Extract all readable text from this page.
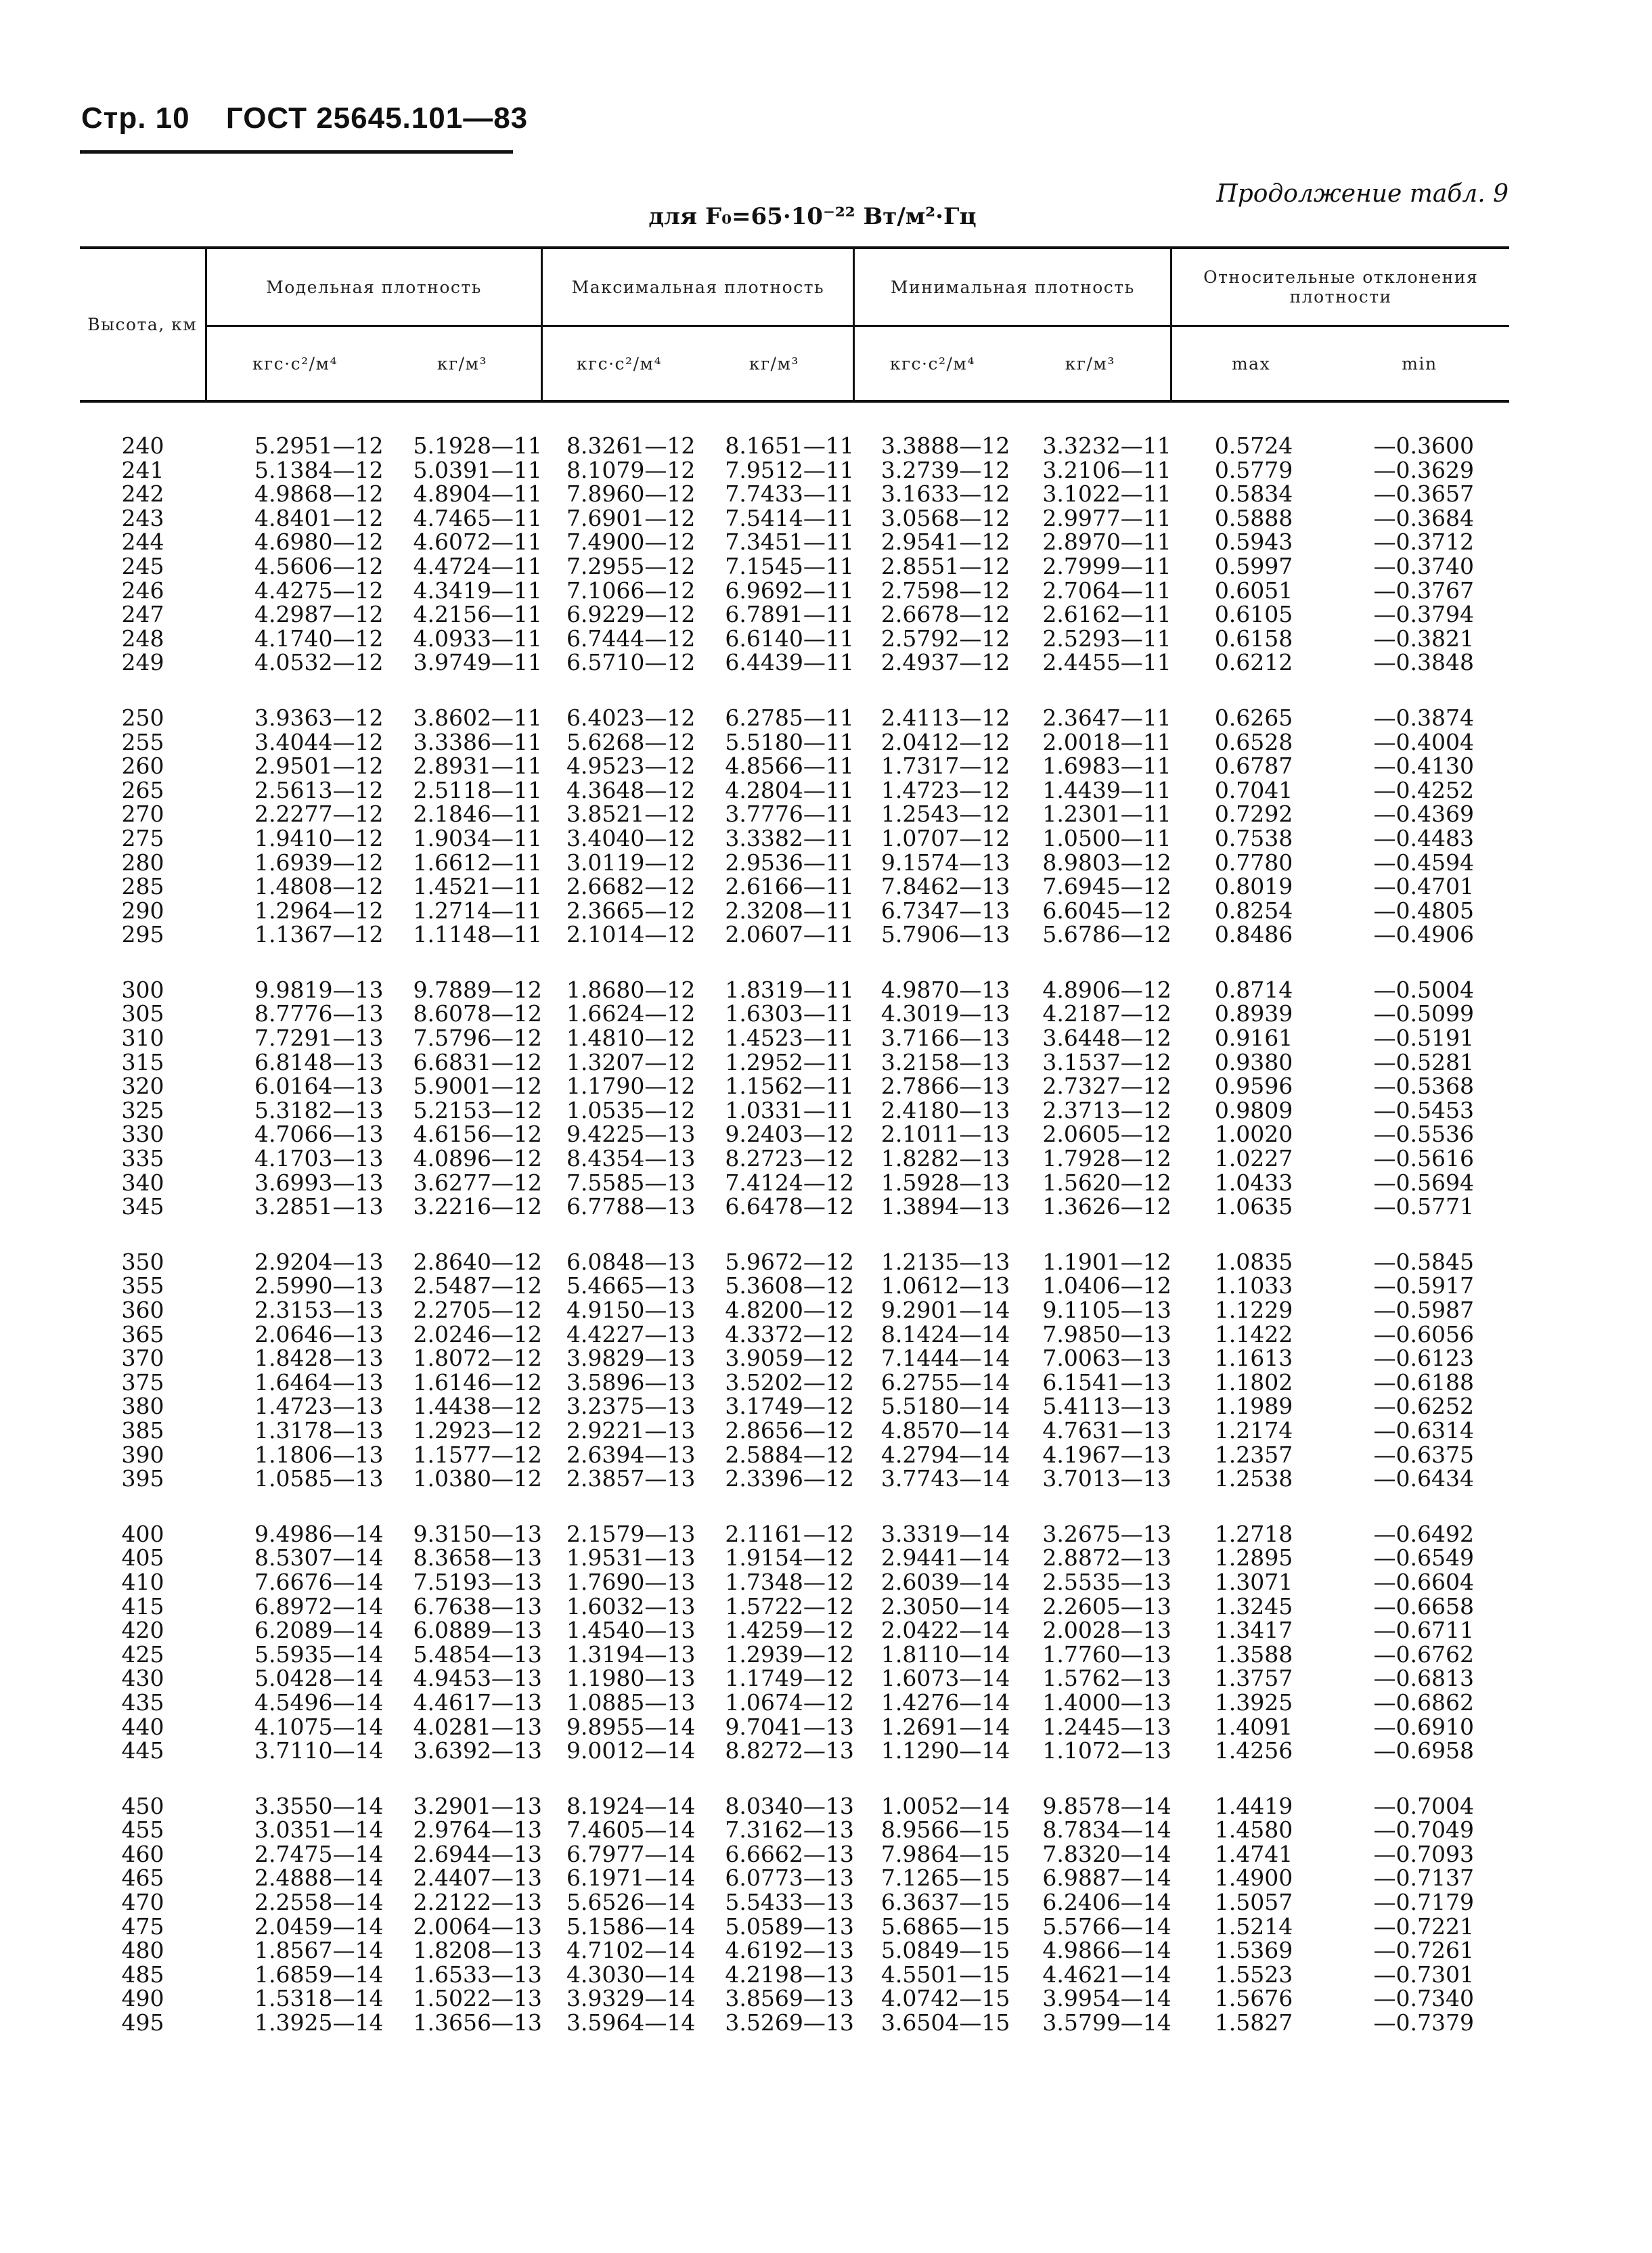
Стр. 10 ГОСТ 25645.101—83
Продолжение табл. 9
для F₀=65·10⁻²² Вт/м²·Гц
Высота, км	Модельная плотность		Максимальная плотность		Минимальная плотность		Относительные отклонения плотности	
	кгс·с²/м⁴	кг/м³	кгс·с²/м⁴	кг/м³	кгс·с²/м⁴	кг/м³	max	min

240	5.2951—12	5.1928—11	8.3261—12	8.1651—11	3.3888—12	3.3232—11	0.5724	—0.3600
241	5.1384—12	5.0391—11	8.1079—12	7.9512—11	3.2739—12	3.2106—11	0.5779	—0.3629
242	4.9868—12	4.8904—11	7.8960—12	7.7433—11	3.1633—12	3.1022—11	0.5834	—0.3657
243	4.8401—12	4.7465—11	7.6901—12	7.5414—11	3.0568—12	2.9977—11	0.5888	—0.3684
244	4.6980—12	4.6072—11	7.4900—12	7.3451—11	2.9541—12	2.8970—11	0.5943	—0.3712
245	4.5606—12	4.4724—11	7.2955—12	7.1545—11	2.8551—12	2.7999—11	0.5997	—0.3740
246	4.4275—12	4.3419—11	7.1066—12	6.9692—11	2.7598—12	2.7064—11	0.6051	—0.3767
247	4.2987—12	4.2156—11	6.9229—12	6.7891—11	2.6678—12	2.6162—11	0.6105	—0.3794
248	4.1740—12	4.0933—11	6.7444—12	6.6140—11	2.5792—12	2.5293—11	0.6158	—0.3821
249	4.0532—12	3.9749—11	6.5710—12	6.4439—11	2.4937—12	2.4455—11	0.6212	—0.3848

250	3.9363—12	3.8602—11	6.4023—12	6.2785—11	2.4113—12	2.3647—11	0.6265	—0.3874
255	3.4044—12	3.3386—11	5.6268—12	5.5180—11	2.0412—12	2.0018—11	0.6528	—0.4004
260	2.9501—12	2.8931—11	4.9523—12	4.8566—11	1.7317—12	1.6983—11	0.6787	—0.4130
265	2.5613—12	2.5118—11	4.3648—12	4.2804—11	1.4723—12	1.4439—11	0.7041	—0.4252
270	2.2277—12	2.1846—11	3.8521—12	3.7776—11	1.2543—12	1.2301—11	0.7292	—0.4369
275	1.9410—12	1.9034—11	3.4040—12	3.3382—11	1.0707—12	1.0500—11	0.7538	—0.4483
280	1.6939—12	1.6612—11	3.0119—12	2.9536—11	9.1574—13	8.9803—12	0.7780	—0.4594
285	1.4808—12	1.4521—11	2.6682—12	2.6166—11	7.8462—13	7.6945—12	0.8019	—0.4701
290	1.2964—12	1.2714—11	2.3665—12	2.3208—11	6.7347—13	6.6045—12	0.8254	—0.4805
295	1.1367—12	1.1148—11	2.1014—12	2.0607—11	5.7906—13	5.6786—12	0.8486	—0.4906

300	9.9819—13	9.7889—12	1.8680—12	1.8319—11	4.9870—13	4.8906—12	0.8714	—0.5004
305	8.7776—13	8.6078—12	1.6624—12	1.6303—11	4.3019—13	4.2187—12	0.8939	—0.5099
310	7.7291—13	7.5796—12	1.4810—12	1.4523—11	3.7166—13	3.6448—12	0.9161	—0.5191
315	6.8148—13	6.6831—12	1.3207—12	1.2952—11	3.2158—13	3.1537—12	0.9380	—0.5281
320	6.0164—13	5.9001—12	1.1790—12	1.1562—11	2.7866—13	2.7327—12	0.9596	—0.5368
325	5.3182—13	5.2153—12	1.0535—12	1.0331—11	2.4180—13	2.3713—12	0.9809	—0.5453
330	4.7066—13	4.6156—12	9.4225—13	9.2403—12	2.1011—13	2.0605—12	1.0020	—0.5536
335	4.1703—13	4.0896—12	8.4354—13	8.2723—12	1.8282—13	1.7928—12	1.0227	—0.5616
340	3.6993—13	3.6277—12	7.5585—13	7.4124—12	1.5928—13	1.5620—12	1.0433	—0.5694
345	3.2851—13	3.2216—12	6.7788—13	6.6478—12	1.3894—13	1.3626—12	1.0635	—0.5771

350	2.9204—13	2.8640—12	6.0848—13	5.9672—12	1.2135—13	1.1901—12	1.0835	—0.5845
355	2.5990—13	2.5487—12	5.4665—13	5.3608—12	1.0612—13	1.0406—12	1.1033	—0.5917
360	2.3153—13	2.2705—12	4.9150—13	4.8200—12	9.2901—14	9.1105—13	1.1229	—0.5987
365	2.0646—13	2.0246—12	4.4227—13	4.3372—12	8.1424—14	7.9850—13	1.1422	—0.6056
370	1.8428—13	1.8072—12	3.9829—13	3.9059—12	7.1444—14	7.0063—13	1.1613	—0.6123
375	1.6464—13	1.6146—12	3.5896—13	3.5202—12	6.2755—14	6.1541—13	1.1802	—0.6188
380	1.4723—13	1.4438—12	3.2375—13	3.1749—12	5.5180—14	5.4113—13	1.1989	—0.6252
385	1.3178—13	1.2923—12	2.9221—13	2.8656—12	4.8570—14	4.7631—13	1.2174	—0.6314
390	1.1806—13	1.1577—12	2.6394—13	2.5884—12	4.2794—14	4.1967—13	1.2357	—0.6375
395	1.0585—13	1.0380—12	2.3857—13	2.3396—12	3.7743—14	3.7013—13	1.2538	—0.6434

400	9.4986—14	9.3150—13	2.1579—13	2.1161—12	3.3319—14	3.2675—13	1.2718	—0.6492
405	8.5307—14	8.3658—13	1.9531—13	1.9154—12	2.9441—14	2.8872—13	1.2895	—0.6549
410	7.6676—14	7.5193—13	1.7690—13	1.7348—12	2.6039—14	2.5535—13	1.3071	—0.6604
415	6.8972—14	6.7638—13	1.6032—13	1.5722—12	2.3050—14	2.2605—13	1.3245	—0.6658
420	6.2089—14	6.0889—13	1.4540—13	1.4259—12	2.0422—14	2.0028—13	1.3417	—0.6711
425	5.5935—14	5.4854—13	1.3194—13	1.2939—12	1.8110—14	1.7760—13	1.3588	—0.6762
430	5.0428—14	4.9453—13	1.1980—13	1.1749—12	1.6073—14	1.5762—13	1.3757	—0.6813
435	4.5496—14	4.4617—13	1.0885—13	1.0674—12	1.4276—14	1.4000—13	1.3925	—0.6862
440	4.1075—14	4.0281—13	9.8955—14	9.7041—13	1.2691—14	1.2445—13	1.4091	—0.6910
445	3.7110—14	3.6392—13	9.0012—14	8.8272—13	1.1290—14	1.1072—13	1.4256	—0.6958

450	3.3550—14	3.2901—13	8.1924—14	8.0340—13	1.0052—14	9.8578—14	1.4419	—0.7004
455	3.0351—14	2.9764—13	7.4605—14	7.3162—13	8.9566—15	8.7834—14	1.4580	—0.7049
460	2.7475—14	2.6944—13	6.7977—14	6.6662—13	7.9864—15	7.8320—14	1.4741	—0.7093
465	2.4888—14	2.4407—13	6.1971—14	6.0773—13	7.1265—15	6.9887—14	1.4900	—0.7137
470	2.2558—14	2.2122—13	5.6526—14	5.5433—13	6.3637—15	6.2406—14	1.5057	—0.7179
475	2.0459—14	2.0064—13	5.1586—14	5.0589—13	5.6865—15	5.5766—14	1.5214	—0.7221
480	1.8567—14	1.8208—13	4.7102—14	4.6192—13	5.0849—15	4.9866—14	1.5369	—0.7261
485	1.6859—14	1.6533—13	4.3030—14	4.2198—13	4.5501—15	4.4621—14	1.5523	—0.7301
490	1.5318—14	1.5022—13	3.9329—14	3.8569—13	4.0742—15	3.9954—14	1.5676	—0.7340
495	1.3925—14	1.3656—13	3.5964—14	3.5269—13	3.6504—15	3.5799—14	1.5827	—0.7379
